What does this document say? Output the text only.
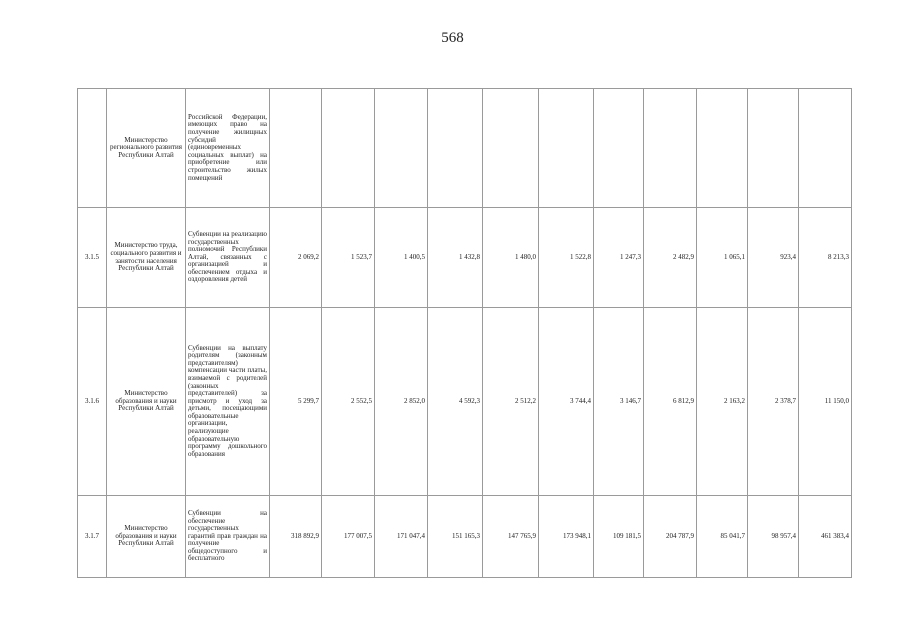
568
	Министерство регионального развития Республики Алтай	Российской Федерации, имеющих право на получение жилищных субсидий (единовременных социальных выплат) на приобретение или строительство жилых помещений											
3.1.5	Министерство труда, социального развития и занятости населения Республики Алтай	Субвенции на реализацию государственных полномочий Республики Алтай, связанных с организацией и обеспечением отдыха и оздоровления детей	2 069,2	1 523,7	1 400,5	1 432,8	1 480,0	1 522,8	1 247,3	2 482,9	1 065,1	923,4	8 213,3
3.1.6	Министерство образования и науки Республики Алтай	Субвенции на выплату родителям (законным представителям) компенсации части платы, взимаемой с родителей (законных представителей) за присмотр и уход за детьми, посещающими образовательные организации, реализующие образовательную программу дошкольного образования	5 299,7	2 552,5	2 852,0	4 592,3	2 512,2	3 744,4	3 146,7	6 812,9	2 163,2	2 378,7	11 150,0
3.1.7	Министерство образования и науки Республики Алтай	Субвенции на обеспечение государственных гарантий прав граждан на получение общедоступного и бесплатного	318 892,9	177 007,5	171 047,4	151 165,3	147 765,9	173 948,1	109 181,5	204 787,9	85 041,7	98 957,4	461 383,4
